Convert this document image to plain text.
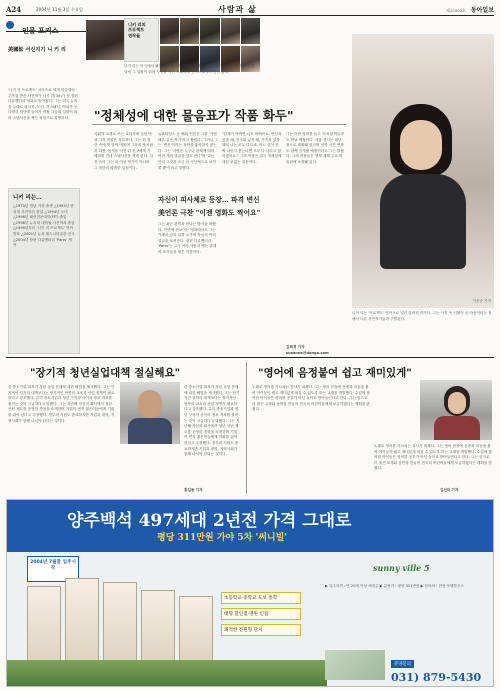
A24	2004년 11월 3일 수요일	사람과 삶	제25903호 동아일보
美國訟 서신지기 니 키 리
니키 리의
프로젝트
연작들
니키 리는 미국에서 활동하는 한국인 작가로 다양한 하위문화 집단에 직접 들어가 몇 달씩 그 일원이 되어 사진을 찍는 프로젝트 연작으로 주목받아 왔다.
'니키 리 프로젝트' 시리즈로 세계 미술계의 주목을 받은 사진작가 니키 리(34)가 첫 장편 다큐멘터리 영화로 돌아왔다. 그는 미국 뉴욕을 무대로 펑크족, 노인, 히스패닉, 여피족 등 다양한 집단에 들어가 직접 그들의 일원이 되어 스냅사진을 찍는 작업으로 유명하다.
니키 리는…
△1970년 경남 거창 출생 △1993년 중앙대 사진학과 졸업 △1994년 도미 △1996년 패션전문대학(FIT) 졸업 △1998년 뉴욕대 대학원 사진학과 졸업 △1999년부터 '니키 리 프로젝트' 연작 발표 △2001년 뉴욕 휘트니미술관 전시 △2004년 장편 다큐멘터리 'Parts' 제작
"정체성에 대한 물음표가 작품 화두"
사회학 교재로 쓰는 교과서에 실릴 만큼 그의 작업은 독특하다. 그는 한 집단 속에 몇 달씩 머물며 그들의 옷차림과 화장, 몸짓을 익힌 뒤 친구에게 카메라를 건네 스냅사진을 찍게 한다. 사진 속의 그는 더 이상 작가가 아니라 그 집단의 평범한 일원이다.
뉴욕타임스 등 해외 언론은 그를 '카멜레온 같은 작가'라고 불렀다. 그러나 그는 '변신'이라는 표현을 좋아하지 않는다. 그는 '사람은 누구나 관계에 따라 여러 개의 얼굴을 갖고 산다'며 '나는 단지 그것을 조금 더 극단적으로 보여줄 뿐'이라고 말했다.
자신이 피사체로 등장… 파격 변신
美언론 극찬 "이젠 영화도 찍어요"
그는 최근 관객과 만나는 방식을 바꿨다. 이번에 선보이는 영화에서도 그는 카메라 앞과 뒤를 오가며 자신의 여러 얼굴을 보여준다. 장편 다큐멘터리 'Parts'는 그가 여러 사람과 맺는 관계의 조각들을 엮은 작품이다.
"관계가 바뀌면 나도 바뀌어요. 연인과 있을 때, 친구와 있을 때, 가족과 있을 때의 나는 모두 다르죠. 어느 것이 진짜 나인지 묻는다면 모두 다 나라고 답하겠어요." 그의 작품은 결국 정체성에 대한 끝없는 질문이다.
그는 이번 영화를 들고 국내 관객들과도 만날 예정이다. 서울 전시는 내년 봄으로 계획돼 있으며 신작 사진 연작도 함께 공개될 예정이라고 그는 밝혔다. 그의 작품들은 현재 세계 주요 미술관에 소장돼 있다.
김희경 기자 susanne@donga.com
이종승 기자
니키 리는 '프로젝트' 연작으로 널리 알려진 작가다. 그는 사진 속 인물이 곧 자신이라는 점에서 다른 사진작가들과 구별된다.
"장기적 청년실업대책 절실해요"
한 중소기업 대표가 청년 실업 문제에 대한 해법을 제시했다. 그는 단기적인 일자리 대책보다는 장기적인 안목의 교육과 산업 정책이 필요하다고 강조했다. 특히 중소기업과 청년 구직자 사이의 정보 격차를 줄이는 것이 시급하다고 말했다. 그는 지난해 자신의 회사에서 청년 인턴 제도를 운영한 경험을 소개하며 기업이 먼저 젊은이들에게 기회를 줘야 한다고 주장했다. 정부의 지원도 중요하지만 기업과 대학, 지역사회가 함께 나서야 한다는 것이다.
한 중소기업 대표가 청년 실업 문제에 대한 해법을 제시했다. 그는 단기적인 일자리 대책보다는 장기적인 안목의 교육과 산업 정책이 필요하다고 강조했다. 특히 중소기업과 청년 구직자 사이의 정보 격차를 줄이는 것이 시급하다고 말했다. 그는 지난해 자신의 회사에서 청년 인턴 제도를 운영한 경험을 소개하며 기업이 먼저 젊은이들에게 기회를 줘야 한다고 주장했다. 정부의 지원도 중요하지만 기업과 대학, 지역사회가 함께 나서야 한다는 것이다.
홍길동 기자
"영어에 음정붙여 쉽고 재미있게"
노래로 영어를 가르치는 강사가 화제다. 그는 영어 문장에 음정과 리듬을 붙여 아이들이 쉽고 재미있게 외울 수 있도록 하는 교재를 개발했다. 수업에 참여한 아이들은 영어를 공부가 아닌 놀이로 받아들인다고 한다. 그는 앞으로 더 많은 교재와 음반을 만들어 전국의 어린이들에게 보급하겠다는 계획을 밝혔다.
노래로 영어를 가르치는 강사가 화제다. 그는 영어 문장에 음정과 리듬을 붙여 아이들이 쉽고 재미있게 외울 수 있도록 하는 교재를 개발했다. 수업에 참여한 아이들은 영어를 공부가 아닌 놀이로 받아들인다고 한다. 그는 앞으로 더 많은 교재와 음반을 만들어 전국의 어린이들에게 보급하겠다는 계획을 밝혔다.
김선미 기자
양주백석 497세대 2년전 가격 그대로
평당 311만원 가야 5차 '써니빌'
sunny ville 5
2004년 7월말 입주시작
초등학교·중학교 도보 통학
대형 할인점·병원 인접
쾌적한 전원형 단지
▶ 입주자격 : 만 20세 이상 세대주 ▶ 분양가 : 평당 311만원 ▶ 문의처 : 현장 모델하우스
분양문의
031) 879-5430
